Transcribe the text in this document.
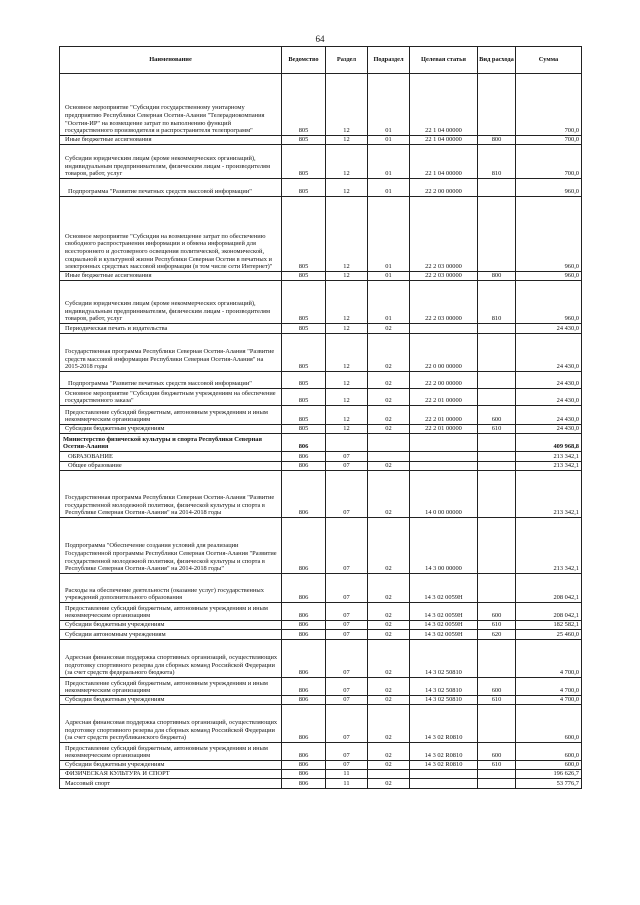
64
Наименование	Ведомство	Раздел	Подраздел	Целевая статья	Вид расхода	Сумма
Основное мероприятие "Субсидии государственному унитарному предприятию Республики Северная Осетия-Алания "Телерадиокомпания "Осетия-ИР" на возмещение затрат по выполнению функций государственного производителя и распространителя телепрограмм"	805	12	01	22 1 04 00000		700,0
Иные бюджетные ассигнования	805	12	01	22 1 04 00000	800	700,0
Субсидии юридическим лицам (кроме некоммерческих организаций), индивидуальным предпринимателям, физическим лицам - производителям товаров, работ, услуг	805	12	01	22 1 04 00000	810	700,0
Подпрограмма "Развитие печатных средств массовой информации"	805	12	01	22 2 00 00000		960,0
Основное мероприятие "Субсидия на возмещение затрат по обеспечению свободного распространения информации и обмена информацией для всестороннего и достоверного освещения политической, экономической, социальной и культурной жизни Республики Северная Осетия в печатных и электронных средствах массовой информации (в том числе сети Интернет)"	805	12	01	22 2 03 00000		960,0
Иные бюджетные ассигнования	805	12	01	22 2 03 00000	800	960,0
Субсидии юридическим лицам (кроме некоммерческих организаций), индивидуальным предпринимателям, физическим лицам - производителям товаров, работ, услуг	805	12	01	22 2 03 00000	810	960,0
Периодическая печать и издательства	805	12	02			24 430,0
Государственная программа Республики Северная Осетия-Алания "Развитие средств массовой информации Республики Северная Осетия-Алания" на 2015-2018 годы	805	12	02	22 0 00 00000		24 430,0
Подпрограмма "Развитие печатных средств массовой информации"	805	12	02	22 2 00 00000		24 430,0
Основное мероприятие "Субсидии бюджетным учреждениям на обеспечение государственного заказа"	805	12	02	22 2 01 00000		24 430,0
Предоставление субсидий бюджетным, автономным учреждениям и иным некоммерческим организациям	805	12	02	22 2 01 00000	600	24 430,0
Субсидии бюджетным учреждениям	805	12	02	22 2 01 00000	610	24 430,0
Министерство физической культуры и спорта Республики Северная Осетия-Алания	806					409 968,8
ОБРАЗОВАНИЕ	806	07				213 342,1
Общее образование	806	07	02			213 342,1
Государственная программа Республики Северная Осетия-Алания "Развитие государственной молодежной политики, физической культуры и спорта в Республике Северная Осетия-Алания" на 2014-2018 годы	806	07	02	14 0 00 00000		213 342,1
Подпрограмма "Обеспечение создания условий для реализации Государственной программы Республики Северная Осетия-Алания "Развитие государственной молодежной политики, физической культуры и спорта в Республике Северная Осетия-Алания" на 2014-2018 годы"	806	07	02	14 3 00 00000		213 342,1
Расходы на обеспечение деятельности (оказание услуг) государственных учреждений дополнительного образования	806	07	02	14 3 02 0059Н		208 042,1
Предоставление субсидий бюджетным, автономным учреждениям и иным некоммерческим организациям	806	07	02	14 3 02 0059Н	600	208 042,1
Субсидии бюджетным учреждениям	806	07	02	14 3 02 0059Н	610	182 582,1
Субсидии автономным учреждениям	806	07	02	14 3 02 0059Н	620	25 460,0
Адресная финансовая поддержка спортивных организаций, осуществляющих подготовку спортивного резерва для сборных команд Российской Федерации (за счет средств федерального бюджета)	806	07	02	14 3 02 50810		4 700,0
Предоставление субсидий бюджетным, автономным учреждениям и иным некоммерческим организациям	806	07	02	14 3 02 50810	600	4 700,0
Субсидии бюджетным учреждениям	806	07	02	14 3 02 50810	610	4 700,0
Адресная финансовая поддержка спортивных организаций, осуществляющих подготовку спортивного резерва для сборных команд Российской Федерации (за счет средств республиканского бюджета)	806	07	02	14 3 02 R0810		600,0
Предоставление субсидий бюджетным, автономным учреждениям и иным некоммерческим организациям	806	07	02	14 3 02 R0810	600	600,0
Субсидии бюджетным учреждениям	806	07	02	14 3 02 R0810	610	600,0
ФИЗИЧЕСКАЯ КУЛЬТУРА И СПОРТ	806	11				196 626,7
Массовый спорт	806	11	02			53 776,7
